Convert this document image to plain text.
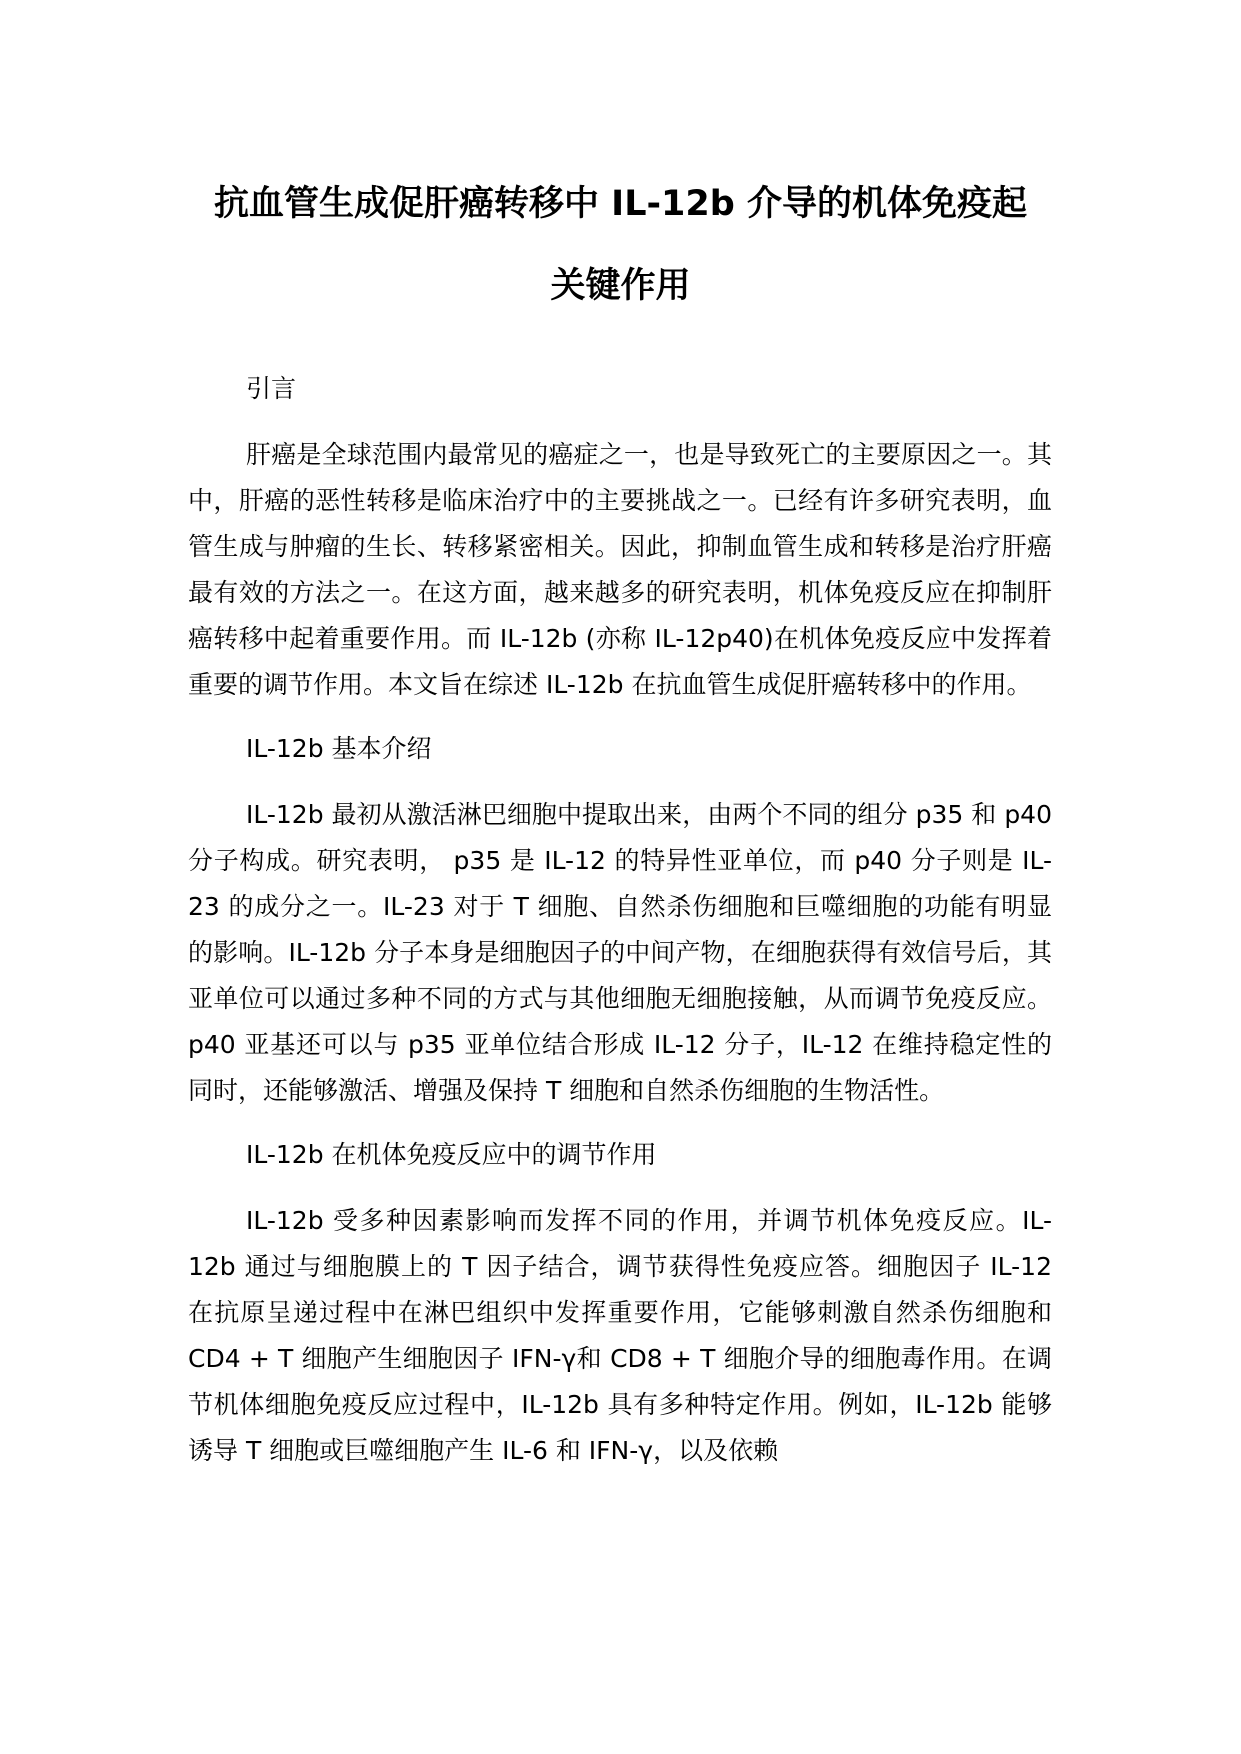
抗血管生成促肝癌转移中 IL-12b 介导的机体免疫起
关键作用

引言

肝癌是全球范围内最常见的癌症之一，也是导致死亡的主要原因之一。其中，肝癌的恶性转移是临床治疗中的主要挑战之一。已经有许多研究表明，血管生成与肿瘤的生长、转移紧密相关。因此，抑制血管生成和转移是治疗肝癌最有效的方法之一。在这方面，越来越多的研究表明，机体免疫反应在抑制肝癌转移中起着重要作用。而 IL-12b (亦称 IL-12p40)在机体免疫反应中发挥着重要的调节作用。本文旨在综述 IL-12b 在抗血管生成促肝癌转移中的作用。

IL-12b 基本介绍

IL-12b 最初从激活淋巴细胞中提取出来，由两个不同的组分 p35 和 p40 分子构成。研究表明， p35 是 IL-12 的特异性亚单位，而 p40 分子则是 IL-23 的成分之一。IL-23 对于 T 细胞、自然杀伤细胞和巨噬细胞的功能有明显的影响。IL-12b 分子本身是细胞因子的中间产物，在细胞获得有效信号后，其亚单位可以通过多种不同的方式与其他细胞无细胞接触，从而调节免疫反应。p40 亚基还可以与 p35 亚单位结合形成 IL-12 分子，IL-12 在维持稳定性的同时，还能够激活、增强及保持 T 细胞和自然杀伤细胞的生物活性。

IL-12b 在机体免疫反应中的调节作用

IL-12b 受多种因素影响而发挥不同的作用，并调节机体免疫反应。IL-12b 通过与细胞膜上的 T 因子结合，调节获得性免疫应答。细胞因子 IL-12 在抗原呈递过程中在淋巴组织中发挥重要作用，它能够刺激自然杀伤细胞和 CD4 + T 细胞产生细胞因子 IFN-γ和 CD8 + T 细胞介导的细胞毒作用。在调节机体细胞免疫反应过程中，IL-12b 具有多种特定作用。例如，IL-12b 能够诱导 T 细胞或巨噬细胞产生 IL-6 和 IFN-γ，以及依赖
